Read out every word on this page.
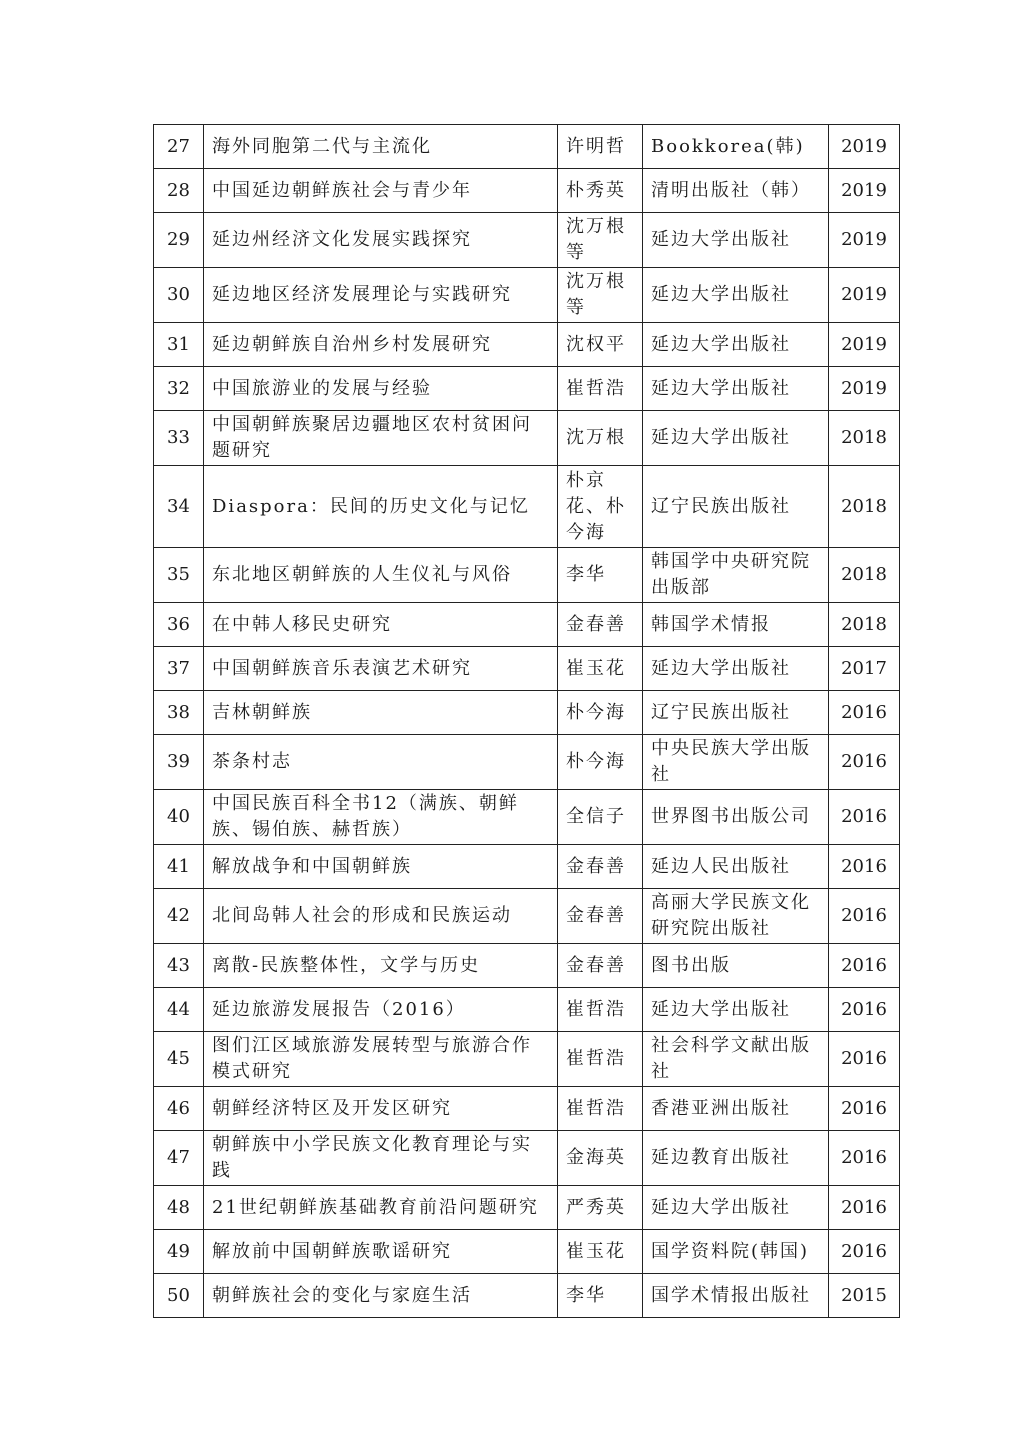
27	海外同胞第二代与主流化	许明哲	Bookkorea(韩)	2019
28	中国延边朝鲜族社会与青少年	朴秀英	清明出版社（韩）	2019
29	延边州经济文化发展实践探究	沈万根等	延边大学出版社	2019
30	延边地区经济发展理论与实践研究	沈万根等	延边大学出版社	2019
31	延边朝鲜族自治州乡村发展研究	沈权平	延边大学出版社	2019
32	中国旅游业的发展与经验	崔哲浩	延边大学出版社	2019
33	中国朝鲜族聚居边疆地区农村贫困问题研究	沈万根	延边大学出版社	2018
34	Diaspora：民间的历史文化与记忆	朴京花、朴今海	辽宁民族出版社	2018
35	东北地区朝鲜族的人生仪礼与风俗	李华	韩国学中央研究院出版部	2018
36	在中韩人移民史研究	金春善	韩国学术情报	2018
37	中国朝鲜族音乐表演艺术研究	崔玉花	延边大学出版社	2017
38	吉林朝鲜族	朴今海	辽宁民族出版社	2016
39	茶条村志	朴今海	中央民族大学出版社	2016
40	中国民族百科全书12（满族、朝鲜族、锡伯族、赫哲族）	全信子	世界图书出版公司	2016
41	解放战争和中国朝鲜族	金春善	延边人民出版社	2016
42	北间岛韩人社会的形成和民族运动	金春善	高丽大学民族文化研究院出版社	2016
43	离散-民族整体性，文学与历史	金春善	图书出版	2016
44	延边旅游发展报告（2016）	崔哲浩	延边大学出版社	2016
45	图们江区域旅游发展转型与旅游合作模式研究	崔哲浩	社会科学文献出版社	2016
46	朝鲜经济特区及开发区研究	崔哲浩	香港亚洲出版社	2016
47	朝鲜族中小学民族文化教育理论与实践	金海英	延边教育出版社	2016
48	21世纪朝鲜族基础教育前沿问题研究	严秀英	延边大学出版社	2016
49	解放前中国朝鲜族歌谣研究	崔玉花	国学资料院(韩国)	2016
50	朝鲜族社会的变化与家庭生活	李华	国学术情报出版社	2015
